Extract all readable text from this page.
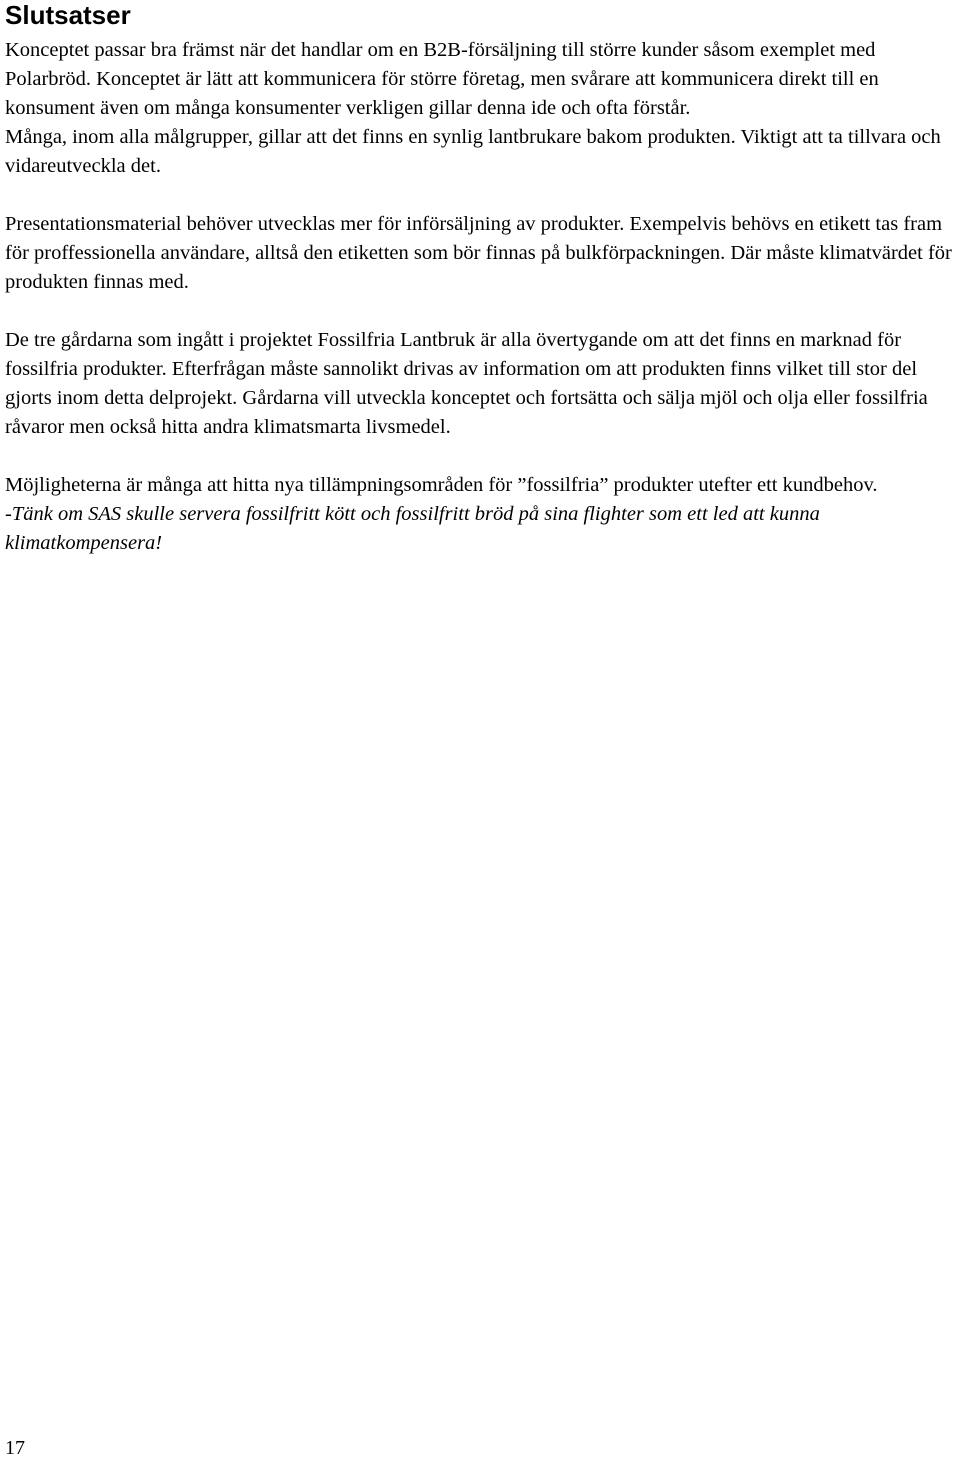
Slutsatser

Konceptet passar bra främst när det handlar om en B2B-försäljning till större kunder såsom exemplet med Polarbröd. Konceptet är lätt att kommunicera för större företag, men svårare att kommunicera direkt till en konsument även om många konsumenter verkligen gillar denna ide och ofta förstår.

Många, inom alla målgrupper, gillar att det finns en synlig lantbrukare bakom produkten. Viktigt att ta tillvara och vidareutveckla det.

Presentationsmaterial behöver utvecklas mer för införsäljning av produkter. Exempelvis behövs en etikett tas fram för proffessionella användare, alltså den etiketten som bör finnas på bulkförpackningen. Där måste klimatvärdet för produkten finnas med.

De tre gårdarna som ingått i projektet Fossilfria Lantbruk är alla övertygande om att det finns en marknad för fossilfria produkter. Efterfrågan måste sannolikt drivas av information om att produkten finns vilket till stor del gjorts inom detta delprojekt. Gårdarna vill utveckla konceptet och fortsätta och sälja mjöl och olja eller fossilfria råvaror men också hitta andra klimatsmarta livsmedel.

Möjligheterna är många att hitta nya tillämpningsområden för ”fossilfria” produkter utefter ett kundbehov.

-Tänk om SAS skulle servera fossilfritt kött och fossilfritt bröd på sina flighter som ett led att kunna klimatkompensera!

17
